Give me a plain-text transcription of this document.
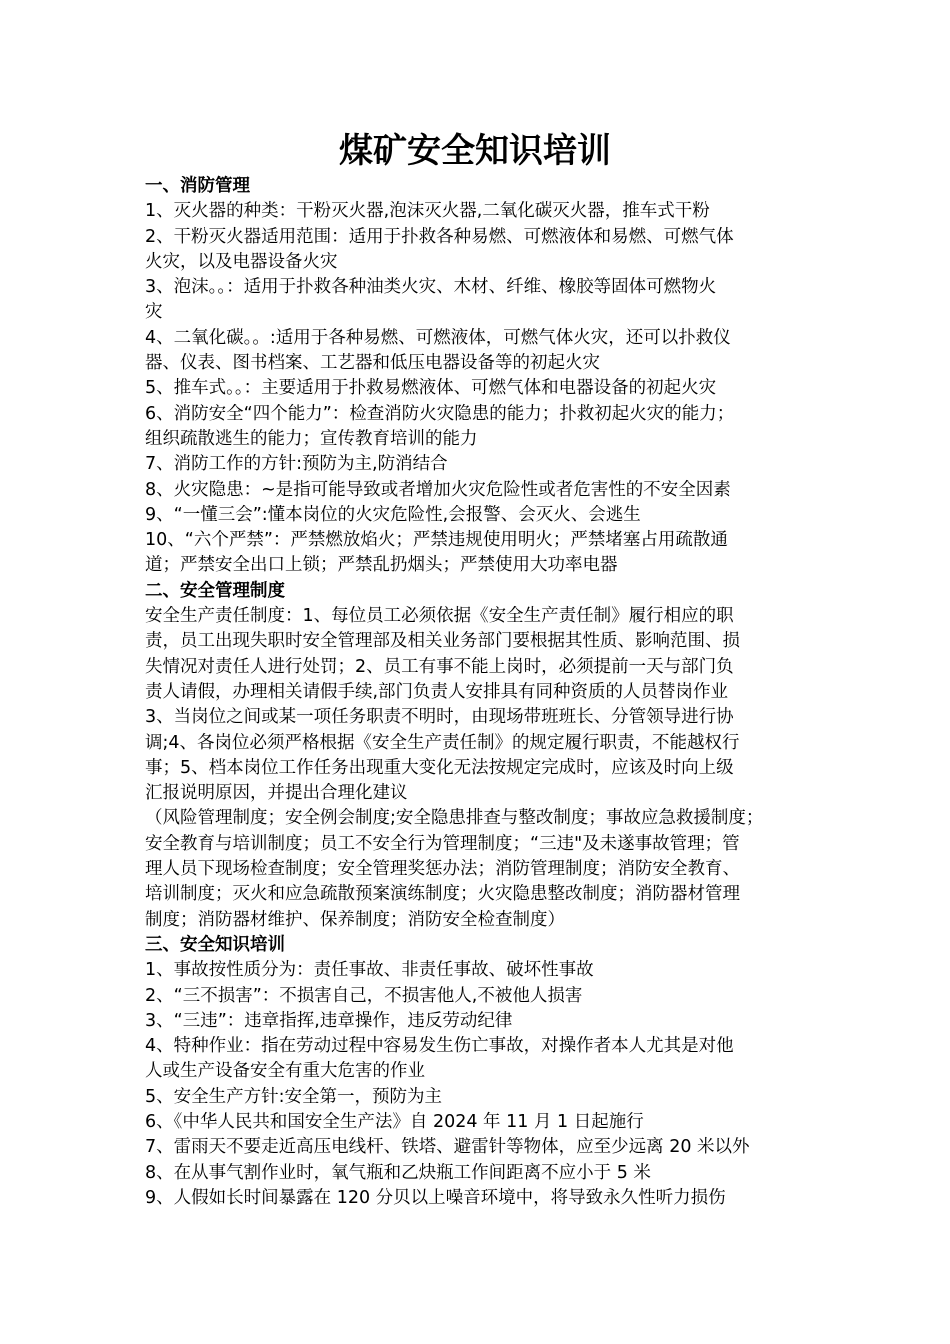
煤矿安全知识培训
一、消防管理
1、灭火器的种类：干粉灭火器,泡沫灭火器,二氧化碳灭火器，推车式干粉
2、干粉灭火器适用范围：适用于扑救各种易燃、可燃液体和易燃、可燃气体
火灾，以及电器设备火灾
3、泡沫。。：适用于扑救各种油类火灾、木材、纤维、橡胶等固体可燃物火
灾
4、二氧化碳。。:适用于各种易燃、可燃液体，可燃气体火灾，还可以扑救仪
器、仪表、图书档案、工艺器和低压电器设备等的初起火灾
5、推车式。。：主要适用于扑救易燃液体、可燃气体和电器设备的初起火灾
6、消防安全“四个能力”：检查消防火灾隐患的能力；扑救初起火灾的能力；
组织疏散逃生的能力；宣传教育培训的能力
7、消防工作的方针:预防为主,防消结合
8、火灾隐患：~是指可能导致或者增加火灾危险性或者危害性的不安全因素
9、“一懂三会”:懂本岗位的火灾危险性,会报警、会灭火、会逃生
10、“六个严禁”：严禁燃放焰火；严禁违规使用明火；严禁堵塞占用疏散通
道；严禁安全出口上锁；严禁乱扔烟头；严禁使用大功率电器
二、安全管理制度
安全生产责任制度：1、每位员工必须依据《安全生产责任制》履行相应的职
责，员工出现失职时安全管理部及相关业务部门要根据其性质、影响范围、损
失情况对责任人进行处罚；2、员工有事不能上岗时，必须提前一天与部门负
责人请假，办理相关请假手续,部门负责人安排具有同种资质的人员替岗作业
3、当岗位之间或某一项任务职责不明时，由现场带班班长、分管领导进行协
调;4、各岗位必须严格根据《安全生产责任制》的规定履行职责，不能越权行
事；5、档本岗位工作任务出现重大变化无法按规定完成时，应该及时向上级
汇报说明原因，并提出合理化建议
（风险管理制度；安全例会制度;安全隐患排查与整改制度；事故应急救援制度；
安全教育与培训制度；员工不安全行为管理制度；“三违"及未遂事故管理；管
理人员下现场检查制度；安全管理奖惩办法；消防管理制度；消防安全教育、
培训制度；灭火和应急疏散预案演练制度；火灾隐患整改制度；消防器材管理
制度；消防器材维护、保养制度；消防安全检查制度）
三、安全知识培训
1、事故按性质分为：责任事故、非责任事故、破坏性事故
2、“三不损害”：不损害自己，不损害他人,不被他人损害
3、“三违”：违章指挥,违章操作，违反劳动纪律
4、特种作业：指在劳动过程中容易发生伤亡事故，对操作者本人尤其是对他
人或生产设备安全有重大危害的作业
5、安全生产方针:安全第一，预防为主
6、《中华人民共和国安全生产法》自 2024 年 11 月 1 日起施行
7、雷雨天不要走近高压电线杆、铁塔、避雷针等物体，应至少远离 20 米以外
8、在从事气割作业时，氧气瓶和乙炔瓶工作间距离不应小于 5 米
9、人假如长时间暴露在 120 分贝以上噪音环境中，将导致永久性听力损伤
